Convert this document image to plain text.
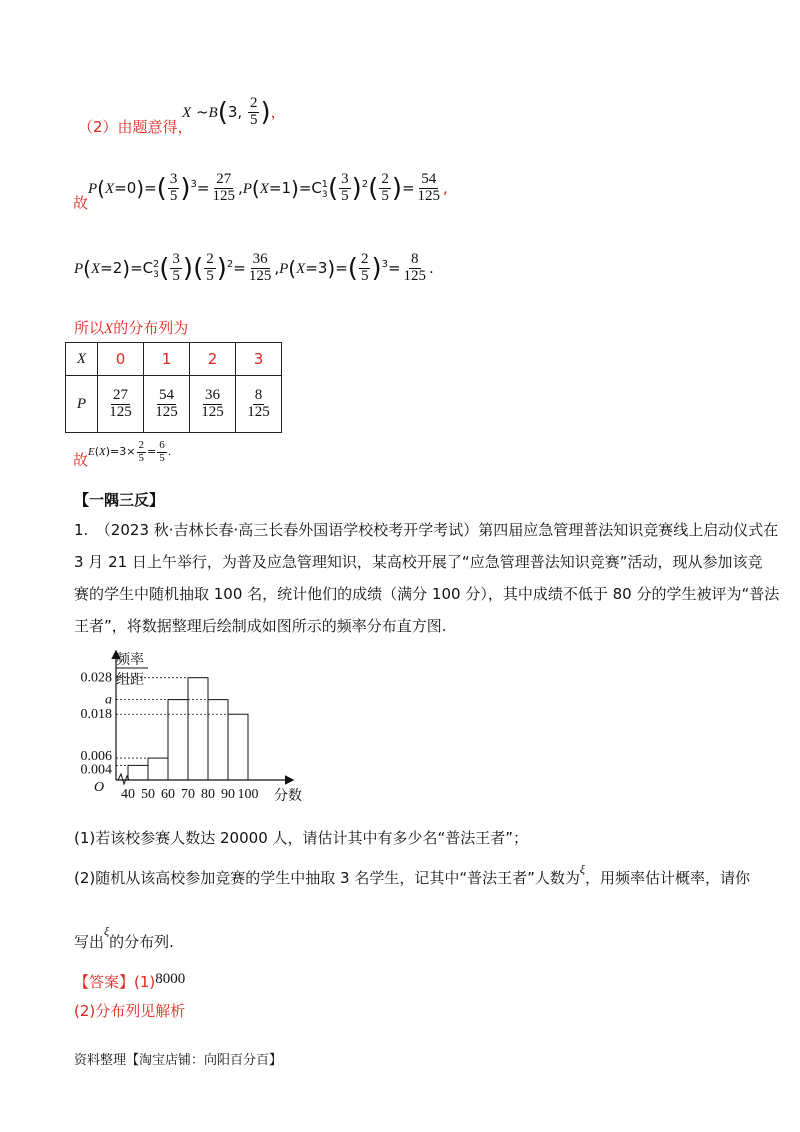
（2）由题意得，
X ~B(3, $\frac{2}{5}$ )，
故
$P(X=0)=( \frac{3}{5} )^3= \frac{27}{125} ,P(X=1)=C_3^1( \frac{3}{5} )^2( \frac{2}{5}$ )= $\frac{54}{125}$ ,
$P(X=2)=C_3^2( \frac{3}{5}$ )( $\frac{2}{5} )^2= \frac{36}{125} ,P(X=3)=( \frac{2}{5} )^3= \frac{8}{125}$ .
所以X的分布列为
X	0	1	2	3
P	$\frac{27}{125}$	$\frac{54}{125}$	$\frac{36}{125}$	$\frac{8}{125}$
故 $E(X)=3\times \frac{2}{5} = \frac{6}{5}$ .
【一隅三反】
1.　（2023 秋·吉林长春·高三长春外国语学校校考开学考试）第四届应急管理普法知识竞赛线上启动仪式在
3 月 21 日上午举行，为普及应急管理知识，某高校开展了“应急管理普法知识竞赛”活动，现从参加该竞
赛的学生中随机抽取 100 名，统计他们的成绩（满分 100 分），其中成绩不低于 80 分的学生被评为“普法
王者”，将数据整理后绘制成如图所示的频率分布直方图.
频率
组距
0.004
0.006
0.018
a
0.028
40 50 60 70 80 90 100
O
分数
(1)若该校参赛人数达 20000 人，请估计其中有多少名“普法王者”；
(2)随机从该高校参加竞赛的学生中抽取 3 名学生，记其中“普法王者”人数为$^\xi$，用频率估计概率，请你
写出$^\xi$的分布列.
【答案】(1)8000
(2)分布列见解析
资料整理【淘宝店铺：向阳百分百】
